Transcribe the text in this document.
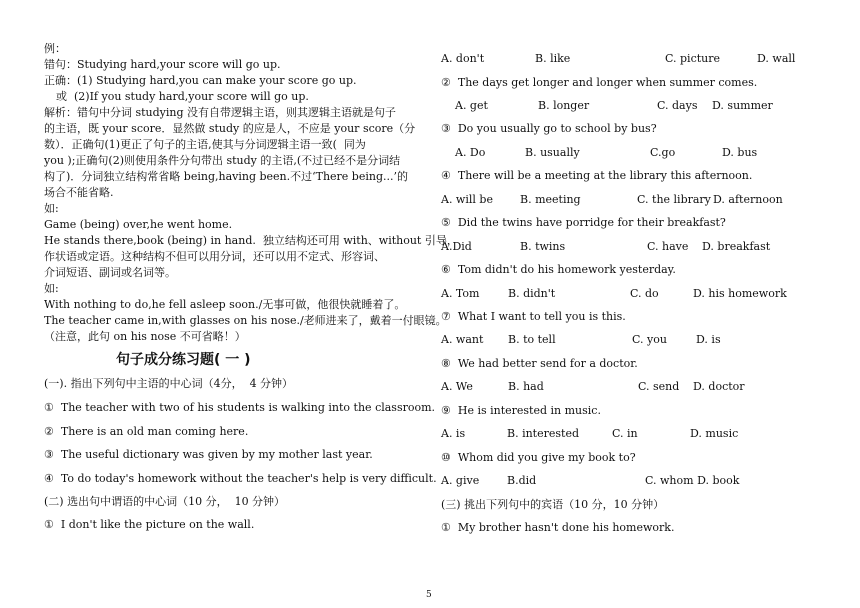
例：
错句：Studying hard,your score will go up.
正确：(1) Studying hard,you can make your score go up.
或  (2)If you study hard,your score will go up.
解析：错句中分词 studying 没有自带逻辑主语，则其逻辑主语就是句子
的主语，既 your score．显然做 study 的应是人，不应是 your score（分
数）．正确句(1)更正了句子的主语,使其与分词逻辑主语一致(  同为
you );正确句(2)则使用条件分句带出 study 的主语,(不过已经不是分词结
构了)．分词独立结构常省略 being,having been.不过‘There being...’的
场合不能省略.
如:
Game (being) over,he went home.
He stands there,book (being) in hand.  独立结构还可用 with、without 引导，
作状语或定语。这种结构不但可以用分词，还可以用不定式、形容词、
介词短语、副词或名词等。
如:
With nothing to do,he fell asleep soon./无事可做，他很快就睡着了。
The teacher came in,with glasses on his nose./老师进来了，戴着一付眼镜。
（注意，此句 on his nose 不可省略！）
句子成分练习题( 一 )
(一). 指出下列句中主语的中心词（4分，  4 分钟）
①  The teacher with two of his students is walking into the classroom.
②  There is an old man coming here.
③  The useful dictionary was given by my mother last year.
④  To do today's homework without the teacher's help is very difficult.
(二) 选出句中谓语的中心词（10 分，  10 分钟）
①  I don't like the picture on the wall.
A. don't	B. like	C. picture	D. wall
②  The days get longer and longer when summer comes.
A. get	B. longer	C. days D. summer
③  Do you usually go to school by bus?
A. Do	B. usually	C.go	D. bus
④  There will be a meeting at the library this afternoon.
A. will be B. meeting	C. the library D. afternoon
⑤  Did the twins have porridge for their breakfast?
A.Did	B. twins	C. have D. breakfast
⑥  Tom didn't do his homework yesterday.
A. Tom	B. didn't	C. do	D. his homework
⑦  What I want to tell you is this.
A. want B. to tell	C. you	D. is
⑧  We had better send for a doctor.
A. We	B. had	C. send D. doctor
⑨  He is interested in music.
A. is	B. interested	C. in	D. music
⑩  Whom did you give my book to?
A. give	B.did	C. whom D. book
(三) 挑出下列句中的宾语（10 分，10 分钟）
①  My brother hasn't done his homework.
5
